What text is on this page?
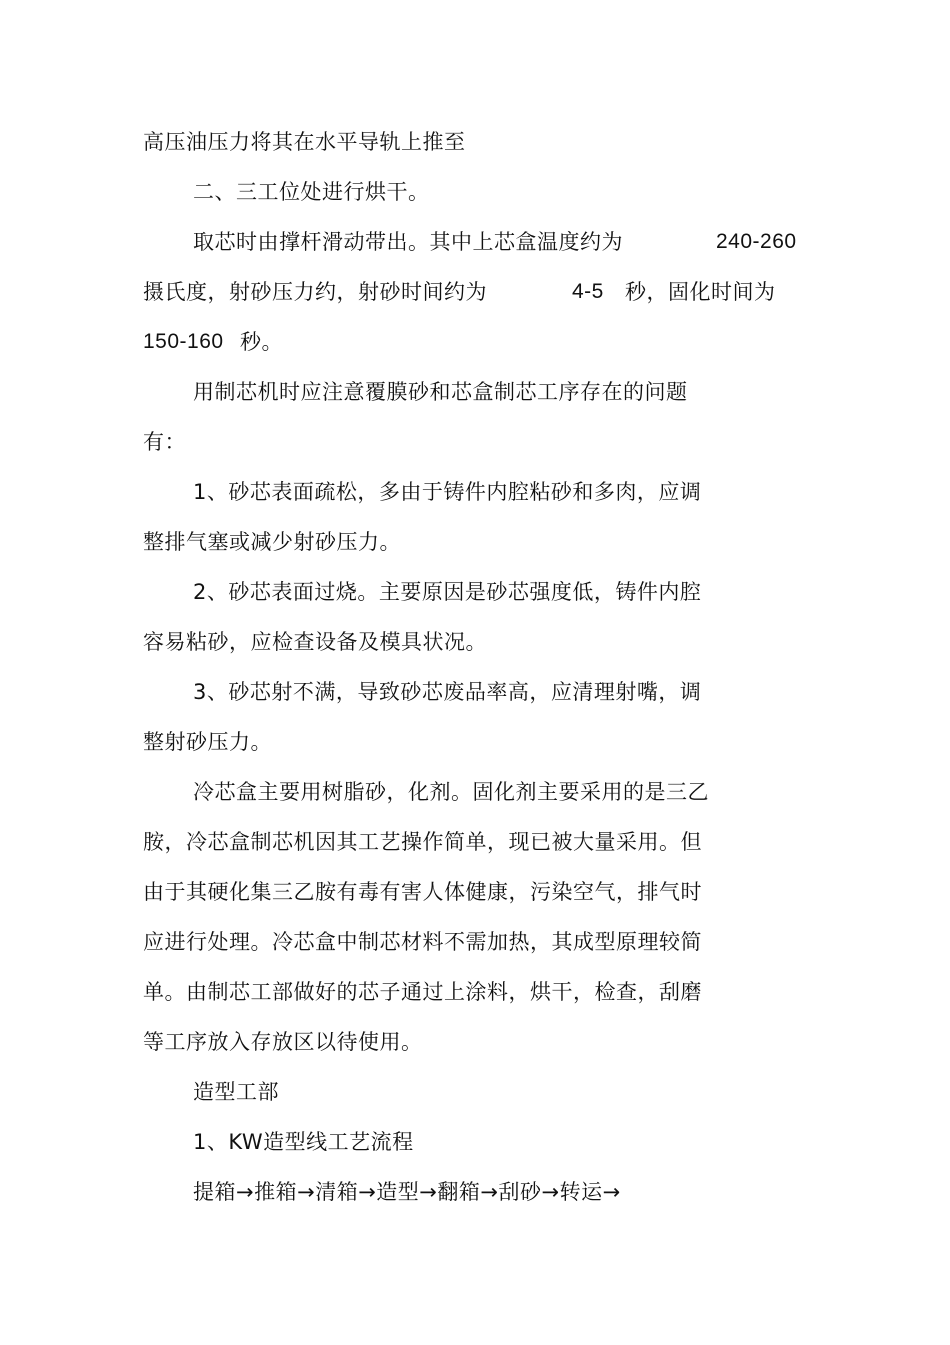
高压油压力将其在水平导轨上推至
二、三工位处进行烘干。
取芯时由撑杆滑动带出。其中上芯盒温度约为	240-260
摄氏度，射砂压力约，射砂时间约为	4-5 秒，固化时间为
150-160 秒。
用制芯机时应注意覆膜砂和芯盒制芯工序存在的问题
有：
1、砂芯表面疏松，多由于铸件内腔粘砂和多肉，应调
整排气塞或减少射砂压力。
2、砂芯表面过烧。主要原因是砂芯强度低，铸件内腔
容易粘砂，应检查设备及模具状况。
3、砂芯射不满，导致砂芯废品率高，应清理射嘴，调
整射砂压力。
冷芯盒主要用树脂砂，化剂。固化剂主要采用的是三乙
胺，冷芯盒制芯机因其工艺操作简单，现已被大量采用。但
由于其硬化集三乙胺有毒有害人体健康，污染空气，排气时
应进行处理。冷芯盒中制芯材料不需加热，其成型原理较简
单。由制芯工部做好的芯子通过上涂料，烘干，检查，刮磨
等工序放入存放区以待使用。
造型工部
1、KW造型线工艺流程
提箱→推箱→清箱→造型→翻箱→刮砂→转运→
